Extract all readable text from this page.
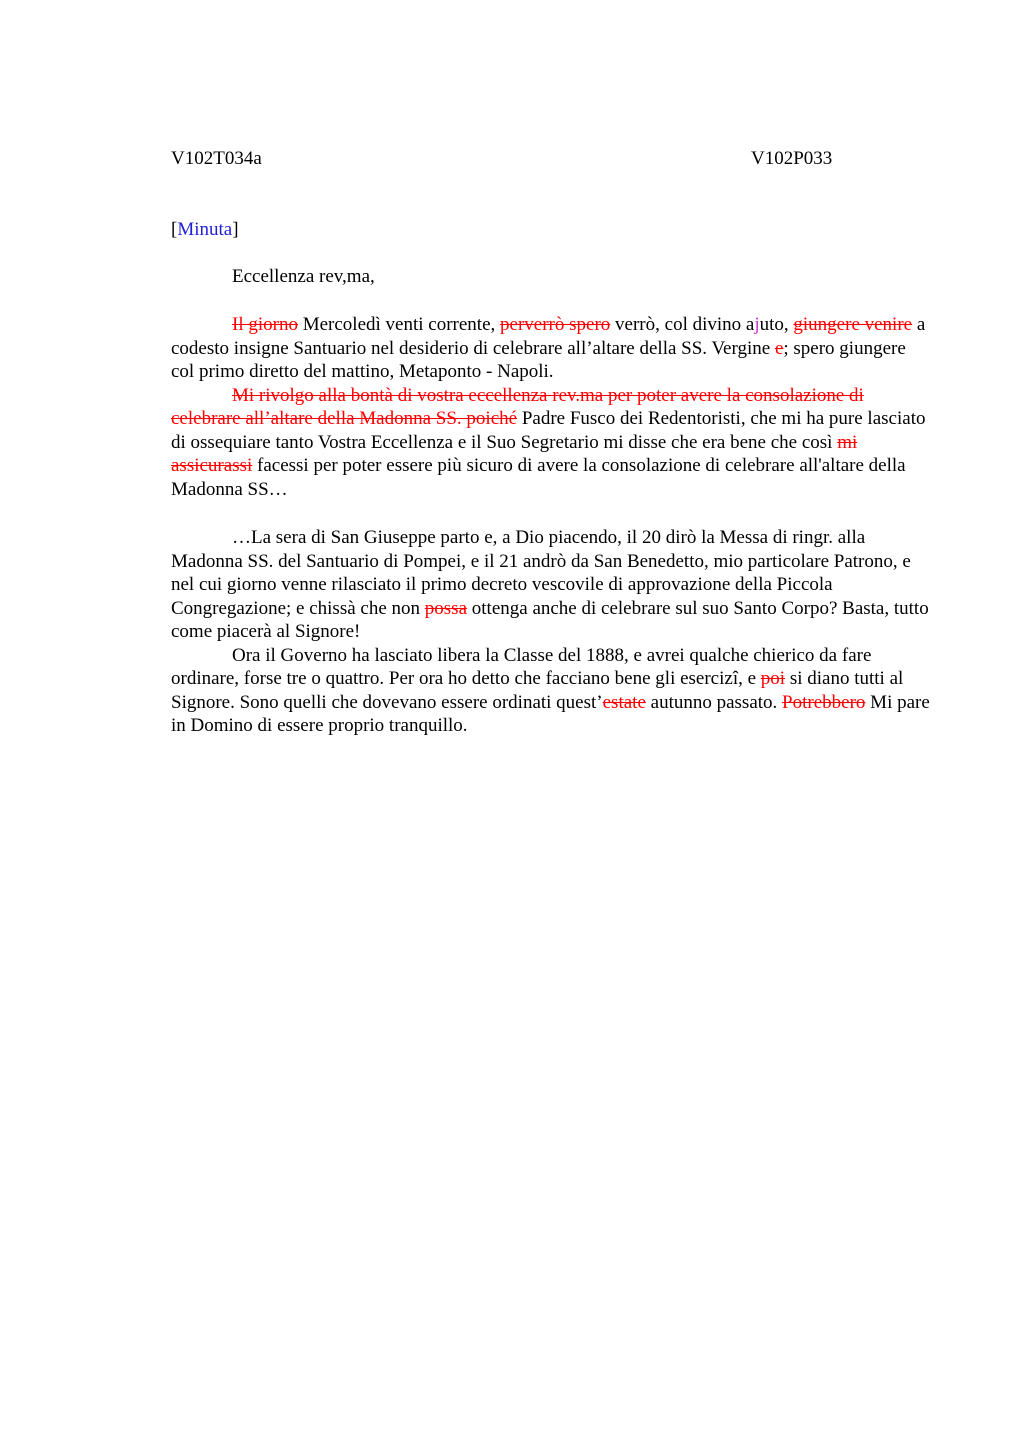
V102T034a	V102P033
[Minuta]

Eccellenza rev,ma,

Il giorno Mercoledì venti corrente, perverrò spero verrò, col divino ajuto, giungere venire a codesto insigne Santuario nel desiderio di celebrare all’altare della SS. Vergine e; spero giungere col primo diretto del mattino, Metaponto - Napoli.

Mi rivolgo alla bontà di vostra eccellenza rev.ma per poter avere la consolazione di celebrare all’altare della Madonna SS. poiché Padre Fusco dei Redentoristi, che mi ha pure lasciato di ossequiare tanto Vostra Eccellenza e il Suo Segretario mi disse che era bene che così mi assicurassi facessi per poter essere più sicuro di avere la consolazione di celebrare all'altare della Madonna SS…

…La sera di San Giuseppe parto e, a Dio piacendo, il 20 dirò la Messa di ringr. alla Madonna SS. del Santuario di Pompei, e il 21 andrò da San Benedetto, mio particolare Patrono, e nel cui giorno venne rilasciato il primo decreto vescovile di approvazione della Piccola Congregazione; e chissà che non possa ottenga anche di celebrare sul suo Santo Corpo? Basta, tutto come piacerà al Signore!

Ora il Governo ha lasciato libera la Classe del 1888, e avrei qualche chierico da fare ordinare, forse tre o quattro. Per ora ho detto che facciano bene gli esercizi, e poi si diano tutti al Signore. Sono quelli che dovevano essere ordinati quest’estate autunno passato. Potrebbero Mi pare in Domino di essere proprio tranquillo.
